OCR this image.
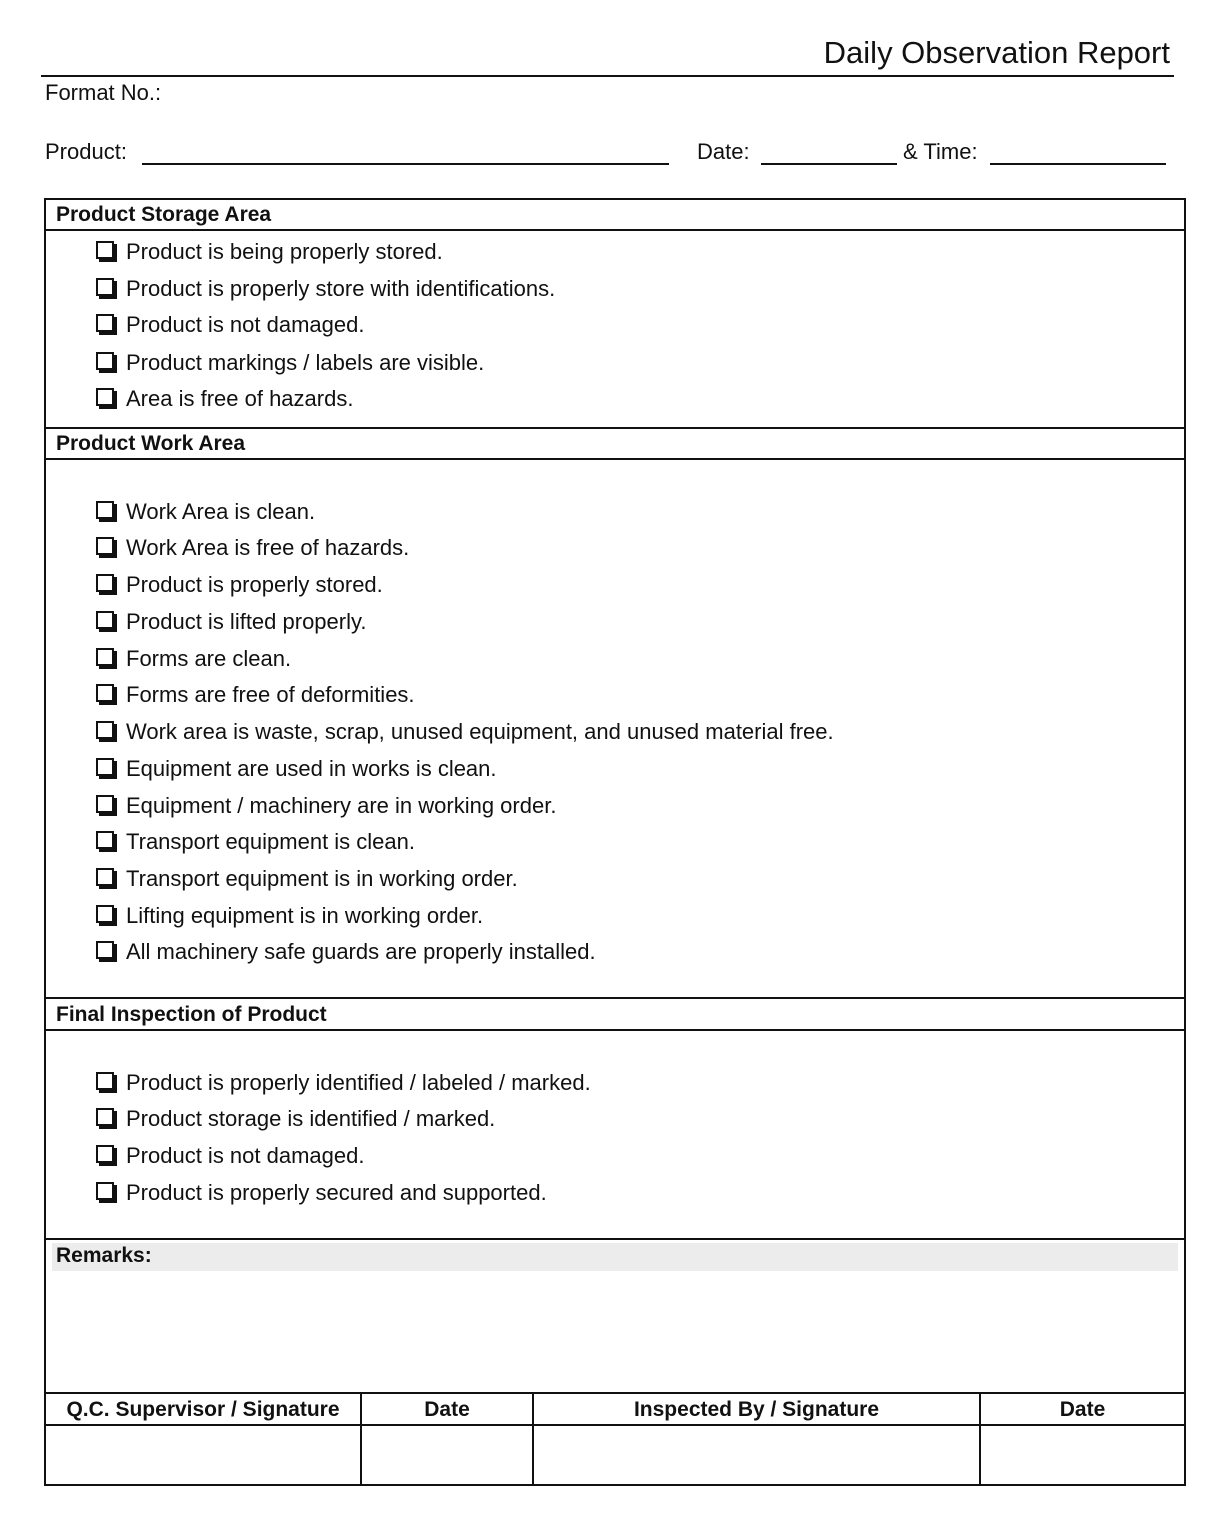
Daily Observation Report
Format No.:
Product:	Date:	& Time:
Product Storage Area
Product Work Area
Final Inspection of Product
Product is being properly stored.
Product is properly store with identifications.
Product is not damaged.
Product markings / labels are visible.
Area is free of hazards.
Work Area is clean.
Work Area is free of hazards.
Product is properly stored.
Product is lifted properly.
Forms are clean.
Forms are free of deformities.
Work area is waste, scrap, unused equipment, and unused material free.
Equipment are used in works is clean.
Equipment / machinery are in working order.
Transport equipment is clean.
Transport equipment is in working order.
Lifting equipment is in working order.
All machinery safe guards are properly installed.
Product is properly identified / labeled / marked.
Product storage is identified / marked.
Product is not damaged.
Product is properly secured and supported.
Remarks:
Q.C. Supervisor / Signature	Date	Inspected By / Signature	Date
